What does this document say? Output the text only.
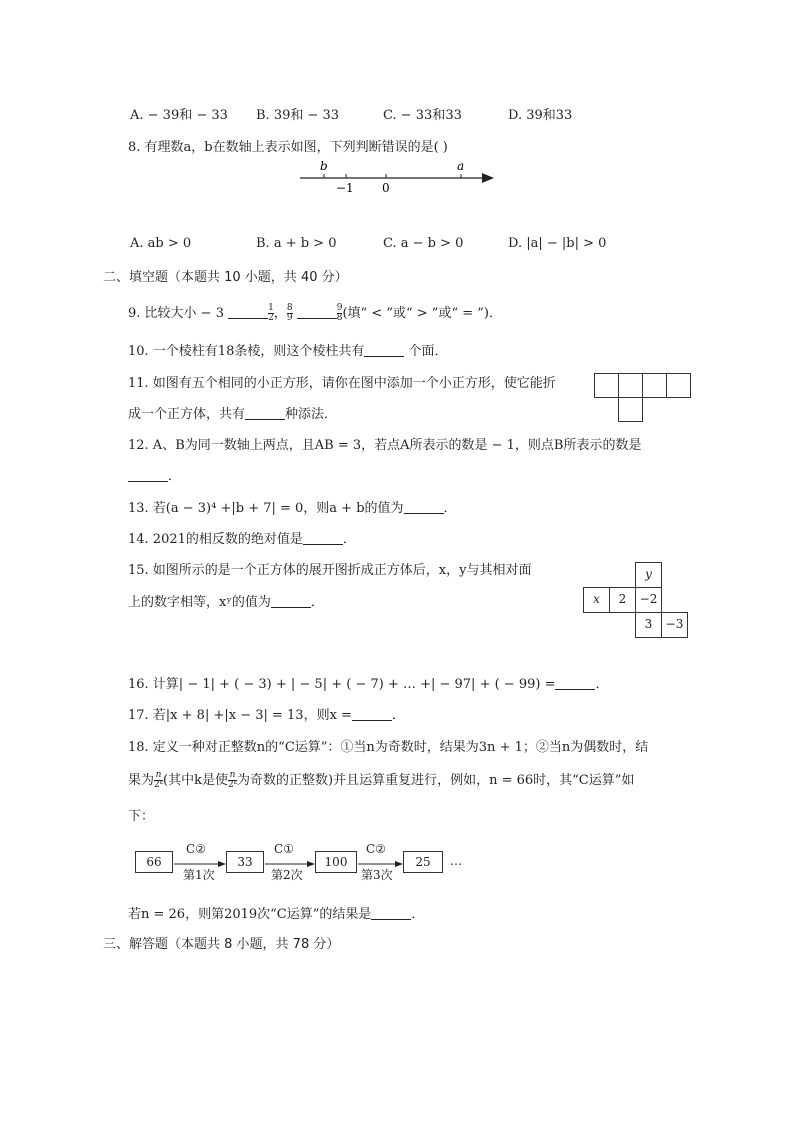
A. − 39和 − 33 B. 39和 − 33	C. − 33和33	D. 39和33
8. 有理数a，b在数轴上表示如图，下列判断错误的是( )
b	a
−1 0
A. ab > 0	B. a + b > 0	C. a − b > 0	D. |a| − |b| > 0
二、填空题（本题共 10 小题，共 40 分）
9. 比较大小 − 3	$\frac{1}{2}$ ， $\frac{8}{9}$
	$\frac{9}{8}$ (填“ < ”或“ > ”或“ = ”)．
10. 一个棱柱有18条棱，则这个棱柱共有	个面．
11. 如图有五个相同的小正方形，请你在图中添加一个小正方形，使它能折
成一个正方体，共有	种添法．
12. A、B为同一数轴上两点，且AB = 3，若点A所表示的数是 − 1，则点B所表示的数是
．
13. 若(a − 3)⁴ +|b + 7| = 0，则a + b的值为	．
14. 2021的相反数的绝对值是	．
15. 如图所示的是一个正方体的展开图折成正方体后，x，y与其相对面
上的数字相等，xʸ的值为	．
y
x	2	−2
3	−3
16. 计算| − 1| + ( − 3) + | − 5| + ( − 7) + … +| − 97| + ( − 99) =	．
17. 若|x + 8| +|x − 3| = 13，则x =	．
18. 定义一种对正整数n的“C运算”：①当n为奇数时，结果为3n + 1；②当n为偶数时，结
果为 $\frac{n}{\text{2ᵏ}}$ (其中k是使 $\frac{n}{\text{2ᵏ}}$ 为奇数的正整数)并且运算重复进行，例如，n = 66时，其“C运算”如
下：
66
C②
第1次
33
C①
第2次
100
C②
第3次
25	…
若n = 26，则第2019次“C运算”的结果是	．
三、解答题（本题共 8 小题，共 78 分）
